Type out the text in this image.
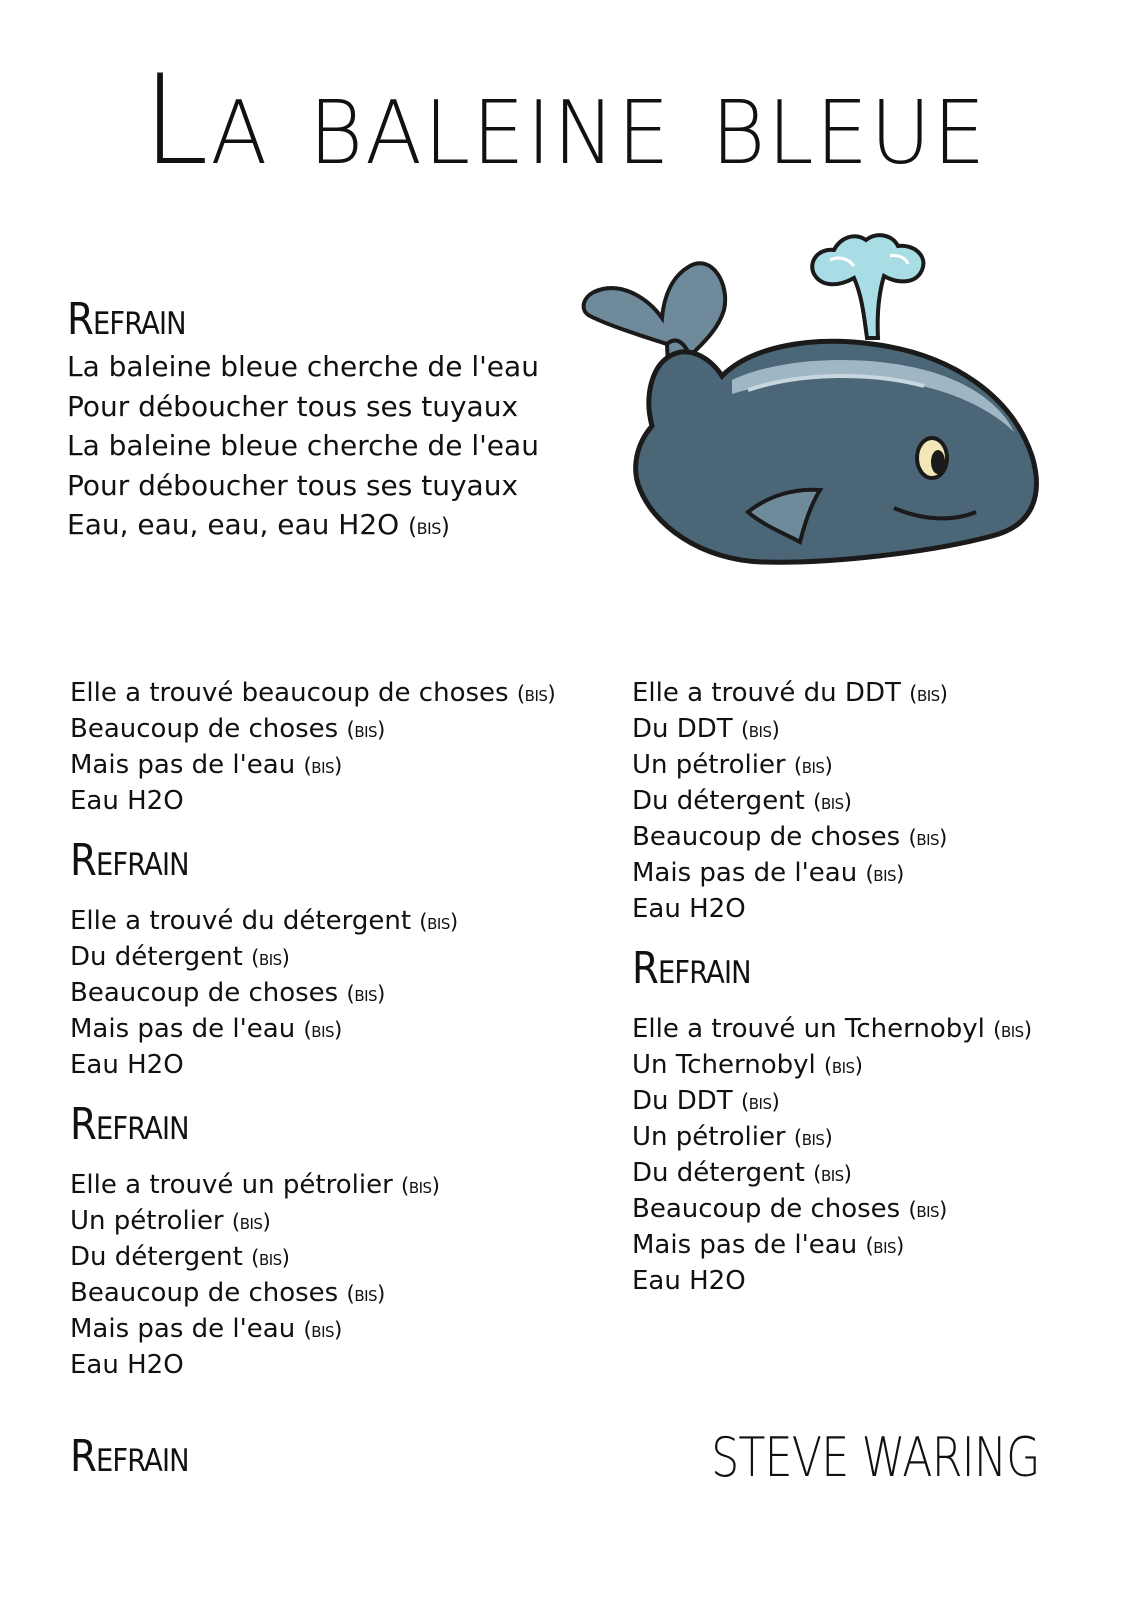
La baleine bleue
Refrain
La baleine bleue cherche de l'eau
Pour déboucher tous ses tuyaux
La baleine bleue cherche de l'eau
Pour déboucher tous ses tuyaux
Eau, eau, eau, eau H2O (bis)
Elle a trouvé beaucoup de choses (bis)
Beaucoup de choses (bis)
Mais pas de l'eau (bis)
Eau H2O
Refrain
Elle a trouvé du détergent (bis)
Du détergent (bis)
Beaucoup de choses (bis)
Mais pas de l'eau (bis)
Eau H2O
Refrain
Elle a trouvé un pétrolier (bis)
Un pétrolier (bis)
Du détergent (bis)
Beaucoup de choses (bis)
Mais pas de l'eau (bis)
Eau H2O
Elle a trouvé du DDT (bis)
Du DDT (bis)
Un pétrolier (bis)
Du détergent (bis)
Beaucoup de choses (bis)
Mais pas de l'eau (bis)
Eau H2O
Refrain
Elle a trouvé un Tchernobyl (bis)
Un Tchernobyl (bis)
Du DDT (bis)
Un pétrolier (bis)
Du détergent (bis)
Beaucoup de choses (bis)
Mais pas de l'eau (bis)
Eau H2O
Refrain	STEVE WARING
